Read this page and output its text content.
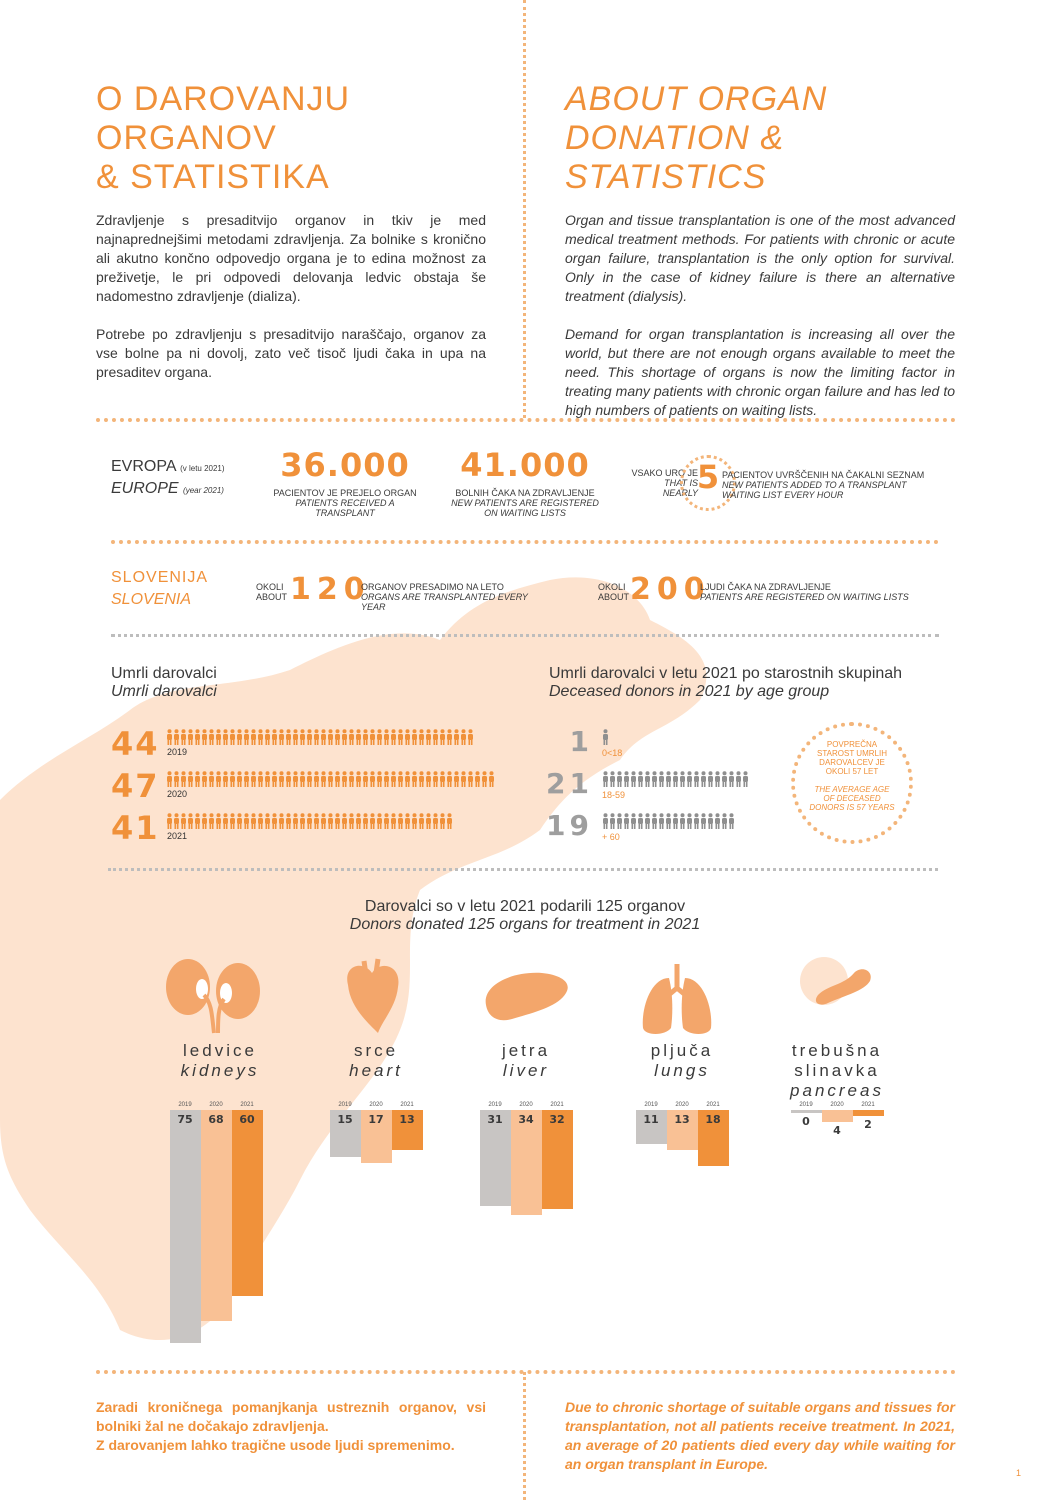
O DAROVANJU
ORGANOV
& STATISTIKA

Zdravljenje s presaditvijo organov in tkiv je med najnaprednejšimi metodami zdravljenja. Za bolnike s kronično ali akutno končno odpovedjo organa je to edina možnost za preživetje, le pri odpovedi delovanja ledvic obstaja še nadomestno zdravljenje (dializa).

Potrebe po zdravljenju s presaditvijo naraščajo, organov za vse bolne pa ni dovolj, zato več tisoč ljudi čaka in upa na presaditev organa.

ABOUT ORGAN
DONATION &
STATISTICS

Organ and tissue transplantation is one of the most advanced medical treatment methods. For patients with chronic or acute organ failure, transplantation is the only option for survival. Only in the case of kidney failure is there an alternative treatment (dialysis).

Demand for organ transplantation is increasing all over the world, but there are not enough organs available to meet the need. This shortage of organs is now the limiting factor in treating many patients with chronic organ failure and has led to high numbers of patients on waiting lists.

EVROPA (v letu 2021)
EUROPE (year 2021)
36.000
PACIENTOV JE PREJELO ORGAN
PATIENTS RECEIVED A TRANSPLANT
41.000
BOLNIH ČAKA NA ZDRAVLJENJE
NEW PATIENTS ARE REGISTERED ON WAITING LISTS
VSAKO URO JE
THAT IS NEARLY
5 PACIENTOV UVRŠČENIH NA ČAKALNI SEZNAM
NEW PATIENTS ADDED TO A TRANSPLANT WAITING LIST EVERY HOUR
SLOVENIJA
SLOVENIA
OKOLI
ABOUT 120
ORGANOV PRESADIMO NA LETO
ORGANS ARE TRANSPLANTED EVERY YEAR
OKOLI
ABOUT 200
LJUDI ČAKA NA ZDRAVLJENJE
PATIENTS ARE REGISTERED ON WAITING LISTS
Umrli darovalci
Umrli darovalci
Umrli darovalci v letu 2021 po starostnih skupinah
Deceased donors in 2021 by age group
44 2019
47 2020
41 2021
1 0<18
21 18-59
19 + 60
POVPREČNA STAROST UMRLIH DAROVALCEV JE OKOLI 57 LET
THE AVERAGE AGE OF DECEASED DONORS IS 57 YEARS
Darovalci so v letu 2021 podarili 125 organov
Donors donated 125 organs for treatment in 2021
ledvice
kidneys
srce
heart
jetra
liver
pljuča
lungs
trebušna slinavka
pancreas
2019
75
2020
68
2021
60
2019
15
2020
17
2021
13
2019
31
2020
34
2021
32
2019
11
2020
13
2021
18
2019
0
2020
4
2021
2

Zaradi kroničnega pomanjkanja ustreznih organov, vsi bolniki žal ne dočakajo zdravljenja.

Z darovanjem lahko tragične usode ljudi spremenimo.

Due to chronic shortage of suitable organs and tissues for transplantation, not all patients receive treatment. In 2021, an average of 20 patients died every day while waiting for an organ transplant in Europe.

1
